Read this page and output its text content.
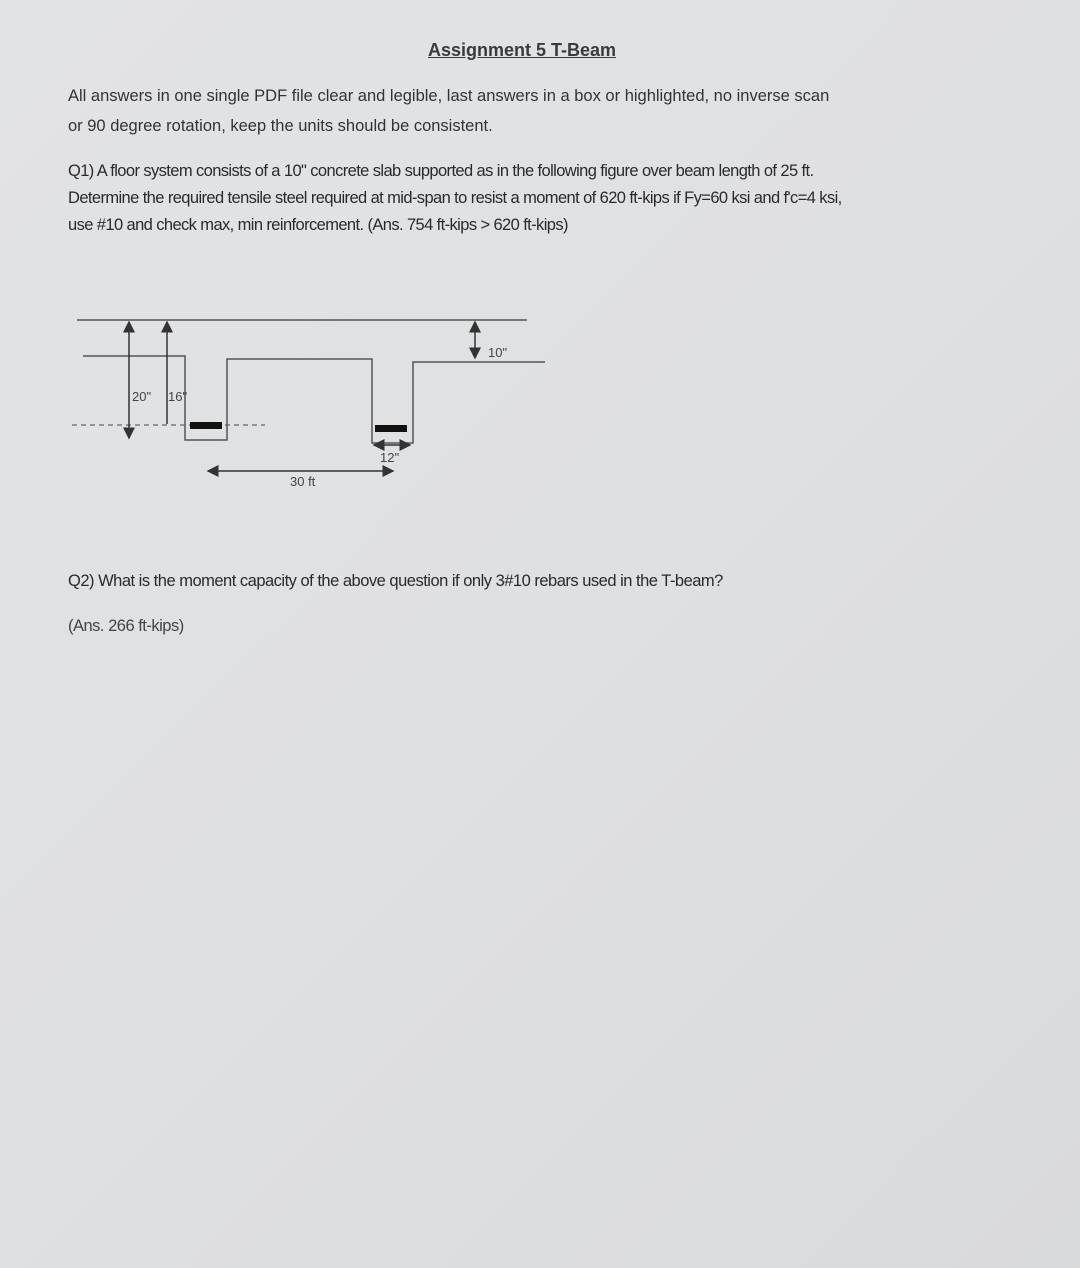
Assignment 5 T-Beam
All answers in one single PDF file clear and legible, last answers in a box or highlighted, no inverse scan
or 90 degree rotation, keep the units should be consistent.
Q1) A floor system consists of a 10" concrete slab supported as in the following figure over beam length of 25 ft.
Determine the required tensile steel required at mid-span to resist a moment of 620 ft-kips if Fy=60 ksi and f'c=4 ksi,
use #10 and check max, min reinforcement. (Ans. 754 ft-kips > 620 ft-kips)
10"
20" 16"
12"
30 ft
Q2) What is the moment capacity of the above question if only 3#10 rebars used in the T-beam?
(Ans. 266 ft-kips)
